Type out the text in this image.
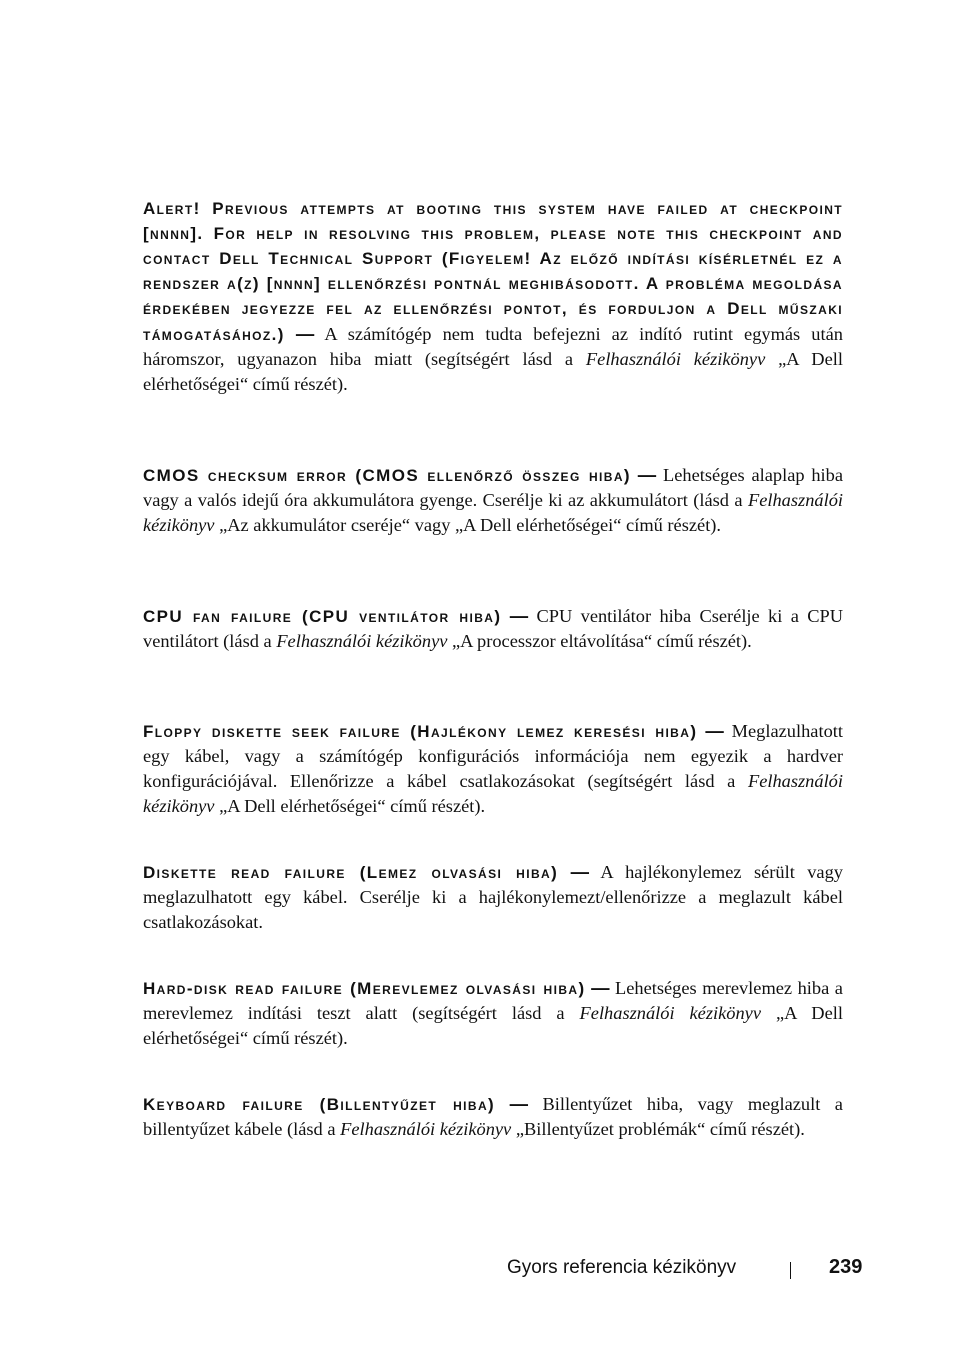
Alert! Previous attempts at booting this system have failed at checkpoint [nnnn]. For help in resolving this problem, please note this checkpoint and contact Dell Technical Support (Figyelem! Az előző indítási kísérletnél ez a rendszer a(z) [nnnn] ellenőrzési pontnál meghibásodott. A probléma megoldása érdekében jegyezze fel az ellenőrzési pontot, és forduljon a Dell műszaki támogatásához.) — A számítógép nem tudta befejezni az indító rutint egymás után háromszor, ugyanazon hiba miatt (segítségért lásd a Felhasználói kézikönyv „A Dell elérhetőségei“ című részét).
CMOS checksum error (CMOS ellenőrző összeg hiba) — Lehetséges alaplap hiba vagy a valós idejű óra akkumulátora gyenge. Cserélje ki az akkumulátort (lásd a Felhasználói kézikönyv „Az akkumulátor cseréje“ vagy „A Dell elérhetőségei“ című részét).
CPU fan failure (CPU ventilátor hiba) — CPU ventilátor hiba Cserélje ki a CPU ventilátort (lásd a Felhasználói kézikönyv „A processzor eltávolítása“ című részét).
Floppy diskette seek failure (Hajlékony lemez keresési hiba) — Meglazulhatott egy kábel, vagy a számítógép konfigurációs információja nem egyezik a hardver konfigurációjával. Ellenőrizze a kábel csatlakozásokat (segítségért lásd a Felhasználói kézikönyv „A Dell elérhetőségei“ című részét).
Diskette read failure (Lemez olvasási hiba) — A hajlékonylemez sérült vagy meglazulhatott egy kábel. Cserélje ki a hajlékonylemezt/ellenőrizze a meglazult kábel csatlakozásokat.
Hard-disk read failure (Merevlemez olvasási hiba) — Lehetséges merevlemez hiba a merevlemez indítási teszt alatt (segítségért lásd a Felhasználói kézikönyv „A Dell elérhetőségei“ című részét).
Keyboard failure (Billentyűzet hiba) — Billentyűzet hiba, vagy meglazult a billentyűzet kábele (lásd a Felhasználói kézikönyv „Billentyűzet problémák“ című részét).
Gyors referencia kézikönyv	239
